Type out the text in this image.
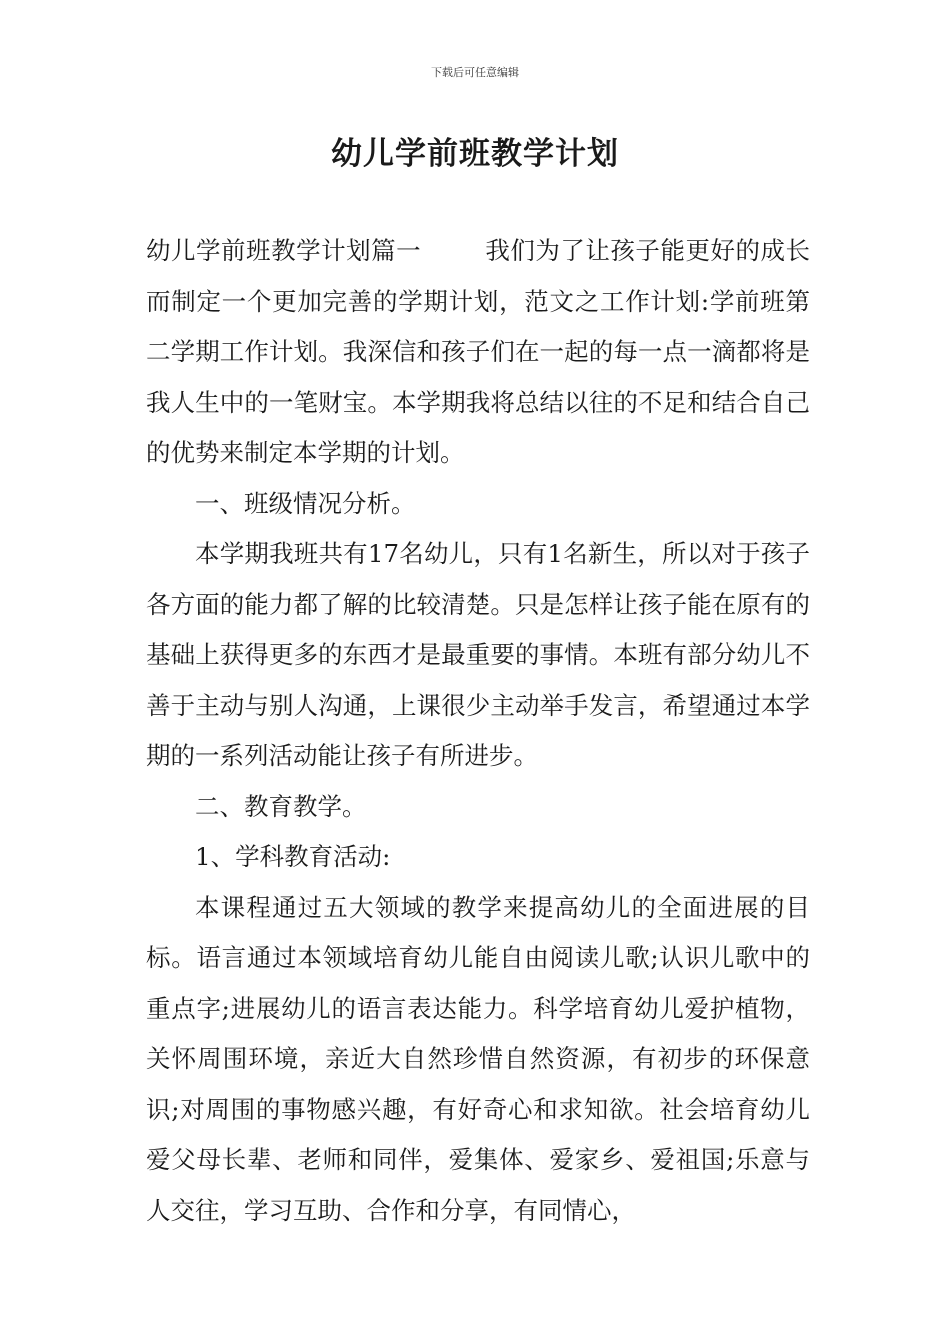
下载后可任意编辑
幼儿学前班教学计划

幼儿学前班教学计划篇一	我们为了让孩子能更好的成长而制定一个更加完善的学期计划，范文之工作计划:学前班第二学期工作计划。我深信和孩子们在一起的每一点一滴都将是我人生中的一笔财宝。本学期我将总结以往的不足和结合自己的优势来制定本学期的计划。

一、班级情况分析。

本学期我班共有17名幼儿，只有1名新生，所以对于孩子各方面的能力都了解的比较清楚。只是怎样让孩子能在原有的基础上获得更多的东西才是最重要的事情。本班有部分幼儿不善于主动与别人沟通，上课很少主动举手发言，希望通过本学期的一系列活动能让孩子有所进步。

二、教育教学。

1、学科教育活动:

本课程通过五大领域的教学来提高幼儿的全面进展的目标。语言通过本领域培育幼儿能自由阅读儿歌;认识儿歌中的重点字;进展幼儿的语言表达能力。科学培育幼儿爱护植物，关怀周围环境，亲近大自然珍惜自然资源，有初步的环保意识;对周围的事物感兴趣，有好奇心和求知欲。社会培育幼儿爱父母长辈、老师和同伴，爱集体、爱家乡、爱祖国;乐意与人交往，学习互助、合作和分享，有同情心，
